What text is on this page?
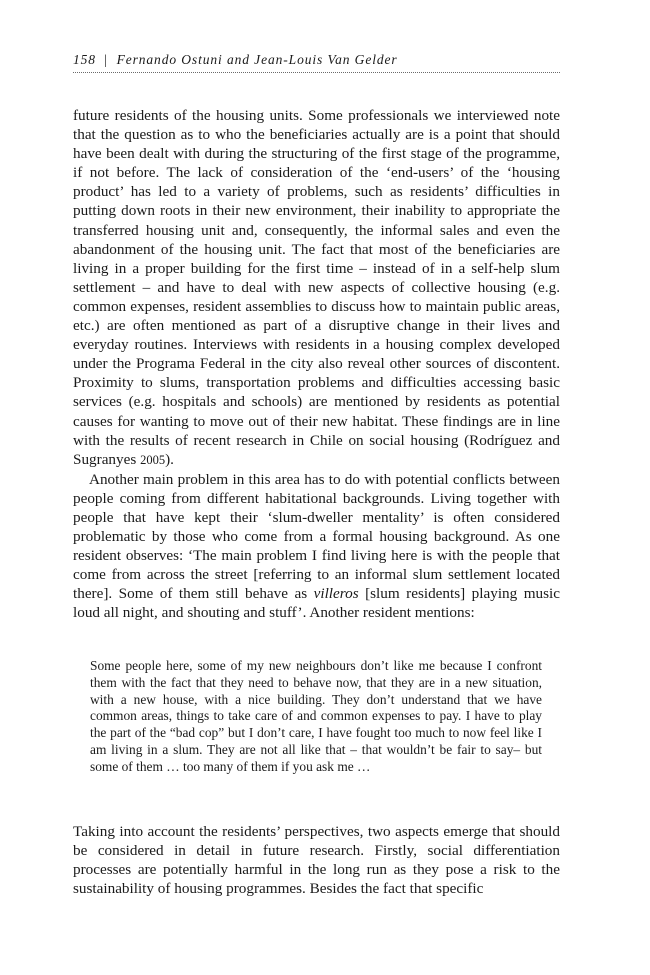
158 | Fernando Ostuni and Jean-Louis Van Gelder

future residents of the housing units. Some professionals we interviewed note that the question as to who the beneficiaries actually are is a point that should have been dealt with during the structuring of the first stage of the programme, if not before. The lack of consideration of the ‘end-users’ of the ‘housing product’ has led to a variety of problems, such as residents’ difficulties in putting down roots in their new environment, their inability to appropriate the transferred housing unit and, consequently, the informal sales and even the abandonment of the housing unit. The fact that most of the beneficiaries are living in a proper building for the first time – instead of in a self-help slum settlement – and have to deal with new aspects of collective housing (e.g. common expenses, resident assemblies to discuss how to maintain public areas, etc.) are often mentioned as part of a disruptive change in their lives and everyday routines. Interviews with residents in a housing complex developed under the Programa Federal in the city also reveal other sources of discontent. Proximity to slums, transportation problems and difficulties accessing basic services (e.g. hospitals and schools) are mentioned by residents as potential causes for wanting to move out of their new habitat. These findings are in line with the results of recent research in Chile on social housing (Rodríguez and Sugranyes 2005).

Another main problem in this area has to do with potential conflicts between people coming from different habitational backgrounds. Living together with people that have kept their ‘slum-dweller mentality’ is often considered problematic by those who come from a formal housing background. As one resident observes: ‘The main problem I find living here is with the people that come from across the street [referring to an informal slum settlement located there]. Some of them still behave as villeros [slum residents] playing music loud all night, and shouting and stuff’. Another resident mentions:

Some people here, some of my new neighbours don’t like me because I confront them with the fact that they need to behave now, that they are in a new situation, with a new house, with a nice building. They don’t understand that we have common areas, things to take care of and common expenses to pay. I have to play the part of the “bad cop” but I don’t care, I have fought too much to now feel like I am living in a slum. They are not all like that – that wouldn’t be fair to say– but some of them … too many of them if you ask me …

Taking into account the residents’ perspectives, two aspects emerge that should be considered in detail in future research. Firstly, social differentiation processes are potentially harmful in the long run as they pose a risk to the sustainability of housing programmes. Besides the fact that specific
